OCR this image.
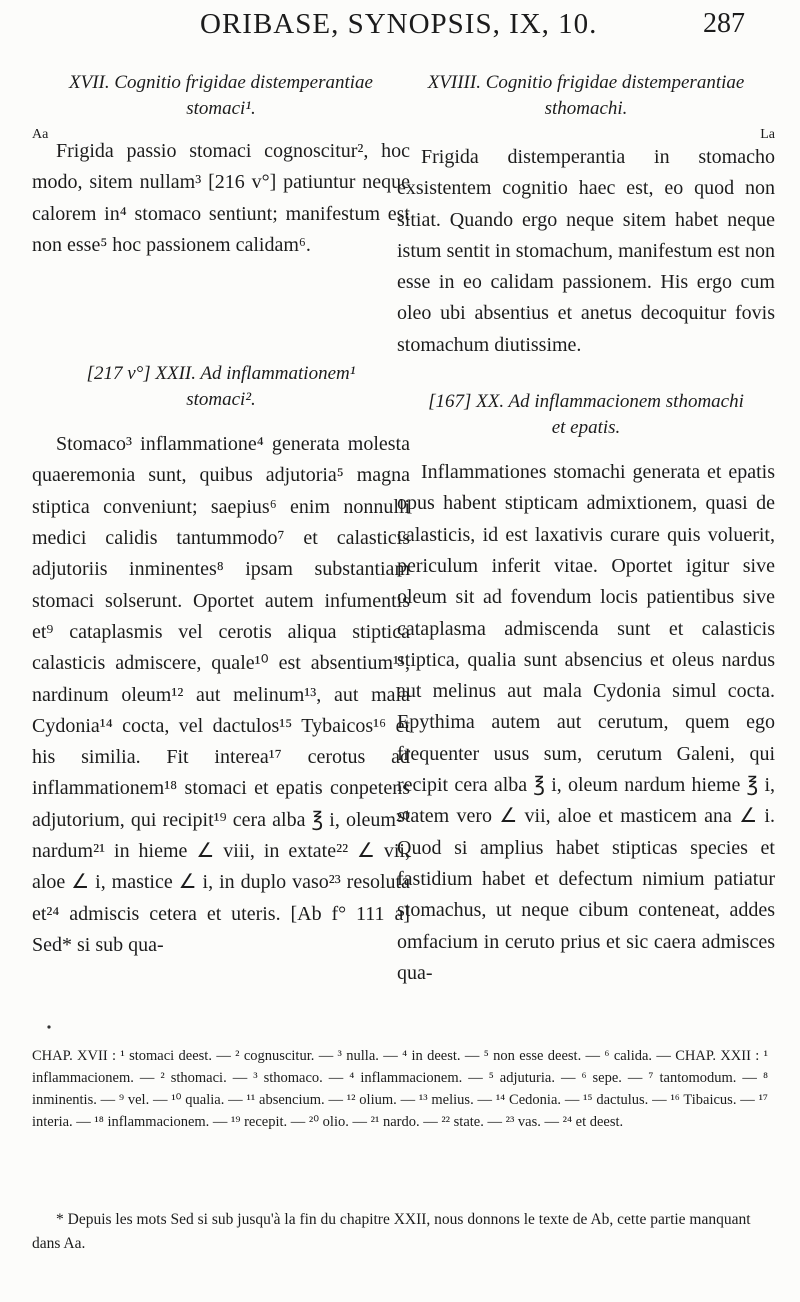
ORIBASE, SYNOPSIS, IX, 10.	287
XVII. Cognitio frigidae distemperantiae
stomaci¹.
Aa

Frigida passio stomaci cognoscitur², hoc modo, sitem nullam³ [216 v°] patiuntur neque calorem in⁴ stomaco sentiunt; manifestum est non esse⁵ hoc passionem calidam⁶.

[217 v°] XXII. Ad inflammationem¹
stomaci².

Stomaco³ inflammatione⁴ generata molesta quaeremonia sunt, quibus adjutoria⁵ magna stiptica conveniunt; saepius⁶ enim nonnulli medici calidis tantummodo⁷ et calasticis adjutoriis inminentes⁸ ipsam substantiam stomaci solserunt. Oportet autem infumentis et⁹ cataplasmis vel cerotis aliqua stiptica calasticis admiscere, quale¹⁰ est absentium¹¹, nardinum oleum¹² aut melinum¹³, aut mala Cydonia¹⁴ cocta, vel dactulos¹⁵ Tybaicos¹⁶ et his similia. Fit interea¹⁷ cerotus ad inflammationem¹⁸ stomaci et epatis conpetens adjutorium, qui recipit¹⁹ cera alba ℥ i, oleum²⁰ nardum²¹ in hieme ∠ viii, in extate²² ∠ vii, aloe ∠ i, mastice ∠ i, in duplo vaso²³ resoluta et²⁴ admiscis cetera et uteris. [Ab f° 111 a] Sed* si sub qua-

XVIIII. Cognitio frigidae distemperantiae
sthomachi.
La

Frigida distemperantia in stomacho exsistentem cognitio haec est, eo quod non sitiat. Quando ergo neque sitem habet neque istum sentit in stomachum, manifestum est non esse in eo calidam passionem. His ergo cum oleo ubi absentius et anetus decoquitur fovis stomachum diutissime.

[167] XX. Ad inflammacionem sthomachi
et epatis.

Inflammationes stomachi generata et epatis opus habent stipticam admixtionem, quasi de calasticis, id est laxativis curare quis voluerit, periculum inferit vitae. Oportet igitur sive oleum sit ad fovendum locis patientibus sive cataplasma admiscenda sunt et calasticis stiptica, qualia sunt absencius et oleus nardus aut melinus aut mala Cydonia simul cocta. Epythima autem aut cerutum, quem ego frequenter usus sum, cerutum Galeni, qui recipit cera alba ℥ i, oleum nardum hieme ℥ i, statem vero ∠ vii, aloe et masticem ana ∠ i. Quod si amplius habet stipticas species et fastidium habet et defectum nimium patiatur stomachus, ut neque cibum conteneat, addes omfacium in ceruto prius et sic caera admisces qua-

CHAP. XVII : ¹ stomaci deest. — ² cognuscitur. — ³ nulla. — ⁴ in deest. — ⁵ non esse deest. — ⁶ calida. — CHAP. XXII : ¹ inflammacionem. — ² sthomaci. — ³ sthomaco. — ⁴ inflammacionem. — ⁵ adjuturia. — ⁶ sepe. — ⁷ tantomodum. — ⁸ inminentis. — ⁹ vel. — ¹⁰ qualia. — ¹¹ absencium. — ¹² olium. — ¹³ melius. — ¹⁴ Cedonia. — ¹⁵ dactulus. — ¹⁶ Tibaicus. — ¹⁷ interia. — ¹⁸ inflammacionem. — ¹⁹ recepit. — ²⁰ olio. — ²¹ nardo. — ²² state. — ²³ vas. — ²⁴ et deest.

* Depuis les mots Sed si sub jusqu'à la fin du chapitre XXII, nous donnons le texte de Ab, cette partie manquant dans Aa.
